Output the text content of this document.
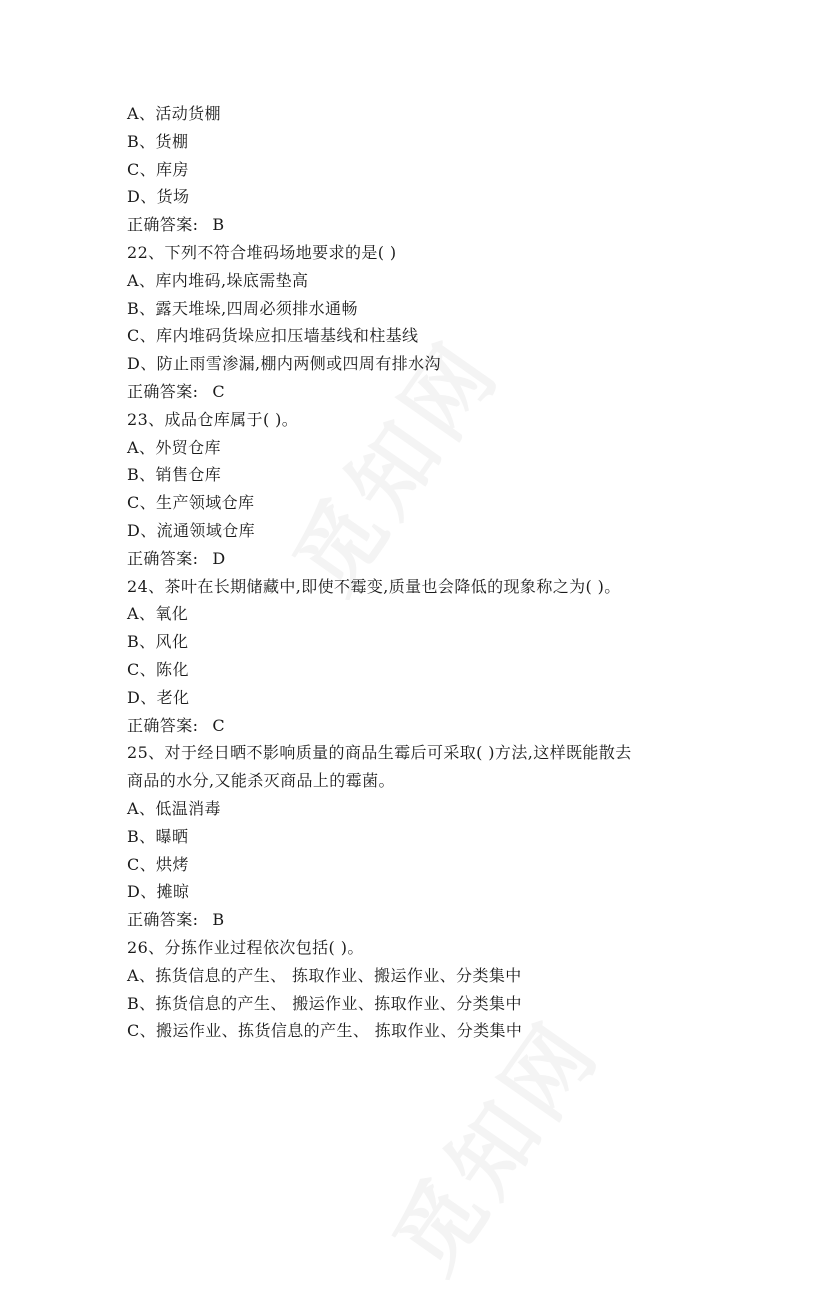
A、活动货棚
B、货棚
C、库房
D、货场
正确答案: B
22、下列不符合堆码场地要求的是( )
A、库内堆码,垛底需垫高
B、露天堆垛,四周必须排水通畅
C、库内堆码货垛应扣压墙基线和柱基线
D、防止雨雪渗漏,棚内两侧或四周有排水沟
正确答案: C
23、成品仓库属于( )。
A、外贸仓库
B、销售仓库
C、生产领域仓库
D、流通领域仓库
正确答案: D
24、茶叶在长期储藏中,即使不霉变,质量也会降低的现象称之为( )。
A、氧化
B、风化
C、陈化
D、老化
正确答案: C
25、对于经日晒不影响质量的商品生霉后可采取( )方法,这样既能散去
商品的水分,又能杀灭商品上的霉菌。
A、低温消毒
B、曝晒
C、烘烤
D、摊晾
正确答案: B
26、分拣作业过程依次包括( )。
A、拣货信息的产生、 拣取作业、搬运作业、分类集中
B、拣货信息的产生、 搬运作业、拣取作业、分类集中
C、搬运作业、拣货信息的产生、 拣取作业、分类集中
